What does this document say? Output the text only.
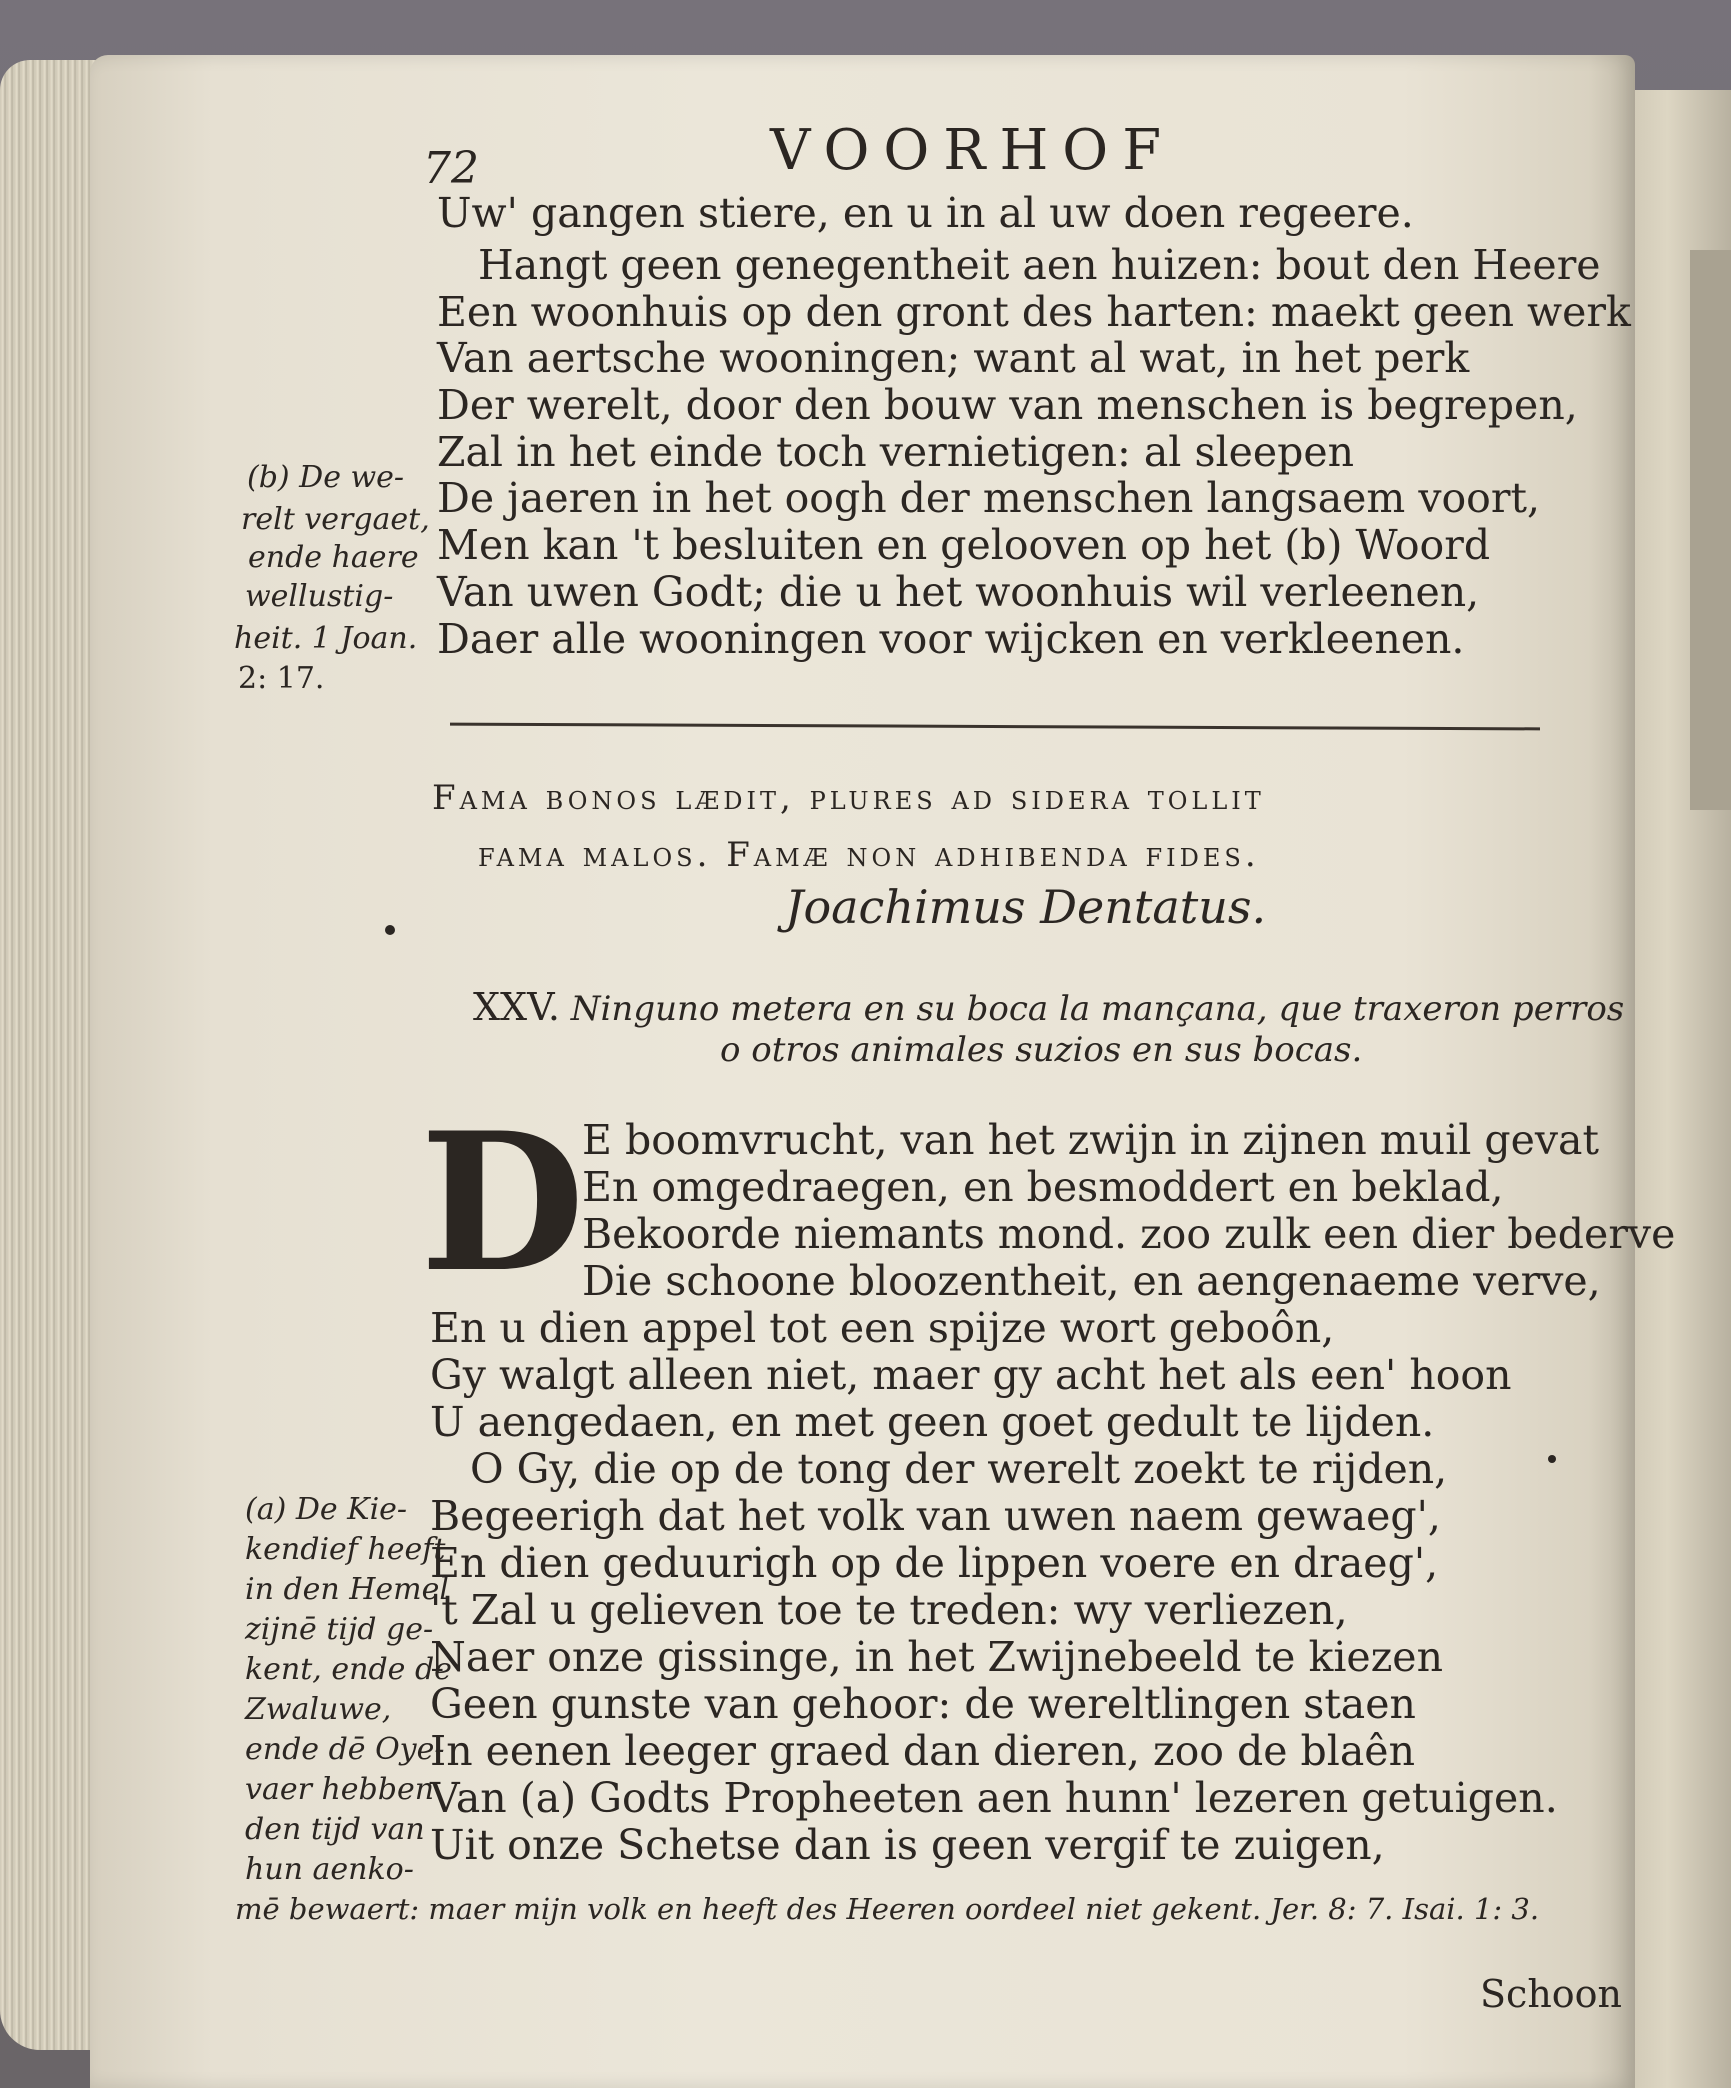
72	VOORHOF
Uw' gangen stiere, en u in al uw doen regeere.
Hangt geen genegentheit aen huizen: bout den Heere
Een woonhuis op den gront des harten: maekt geen werk
Van aertsche wooningen; want al wat, in het perk
Der werelt, door den bouw van menschen is begrepen,
Zal in het einde toch vernietigen: al sleepen
De jaeren in het oogh der menschen langsaem voort,
Men kan 't besluiten en gelooven op het (b) Woord
Van uwen Godt; die u het woonhuis wil verleenen,
Daer alle wooningen voor wijcken en verkleenen.
(b) De we-
relt vergaet,
ende haere
wellustig-
heit. 1 Joan.
2: 17.
Fama bonos lædit, plures ad sidera tollit
fama malos. Famæ non adhibenda fides.
Joachimus Dentatus.
XXV. Ninguno metera en su boca la mançana, que traxeron perros
o otros animales suzios en sus bocas.
D
E boomvrucht, van het zwijn in zijnen muil gevat
En omgedraegen, en besmoddert en beklad,
Bekoorde niemants mond. zoo zulk een dier bederve
Die schoone bloozentheit, en aengenaeme verve,
En u dien appel tot een spijze wort geboôn,
Gy walgt alleen niet, maer gy acht het als een' hoon
U aengedaen, en met geen goet gedult te lijden.
O Gy, die op de tong der werelt zoekt te rijden,
Begeerigh dat het volk van uwen naem gewaeg',
En dien geduurigh op de lippen voere en draeg',
't Zal u gelieven toe te treden: wy verliezen,
Naer onze gissinge, in het Zwijnebeeld te kiezen
Geen gunste van gehoor: de wereltlingen staen
In eenen leeger graed dan dieren, zoo de blaên
Van (a) Godts Propheeten aen hunn' lezeren getuigen.
Uit onze Schetse dan is geen vergif te zuigen,
(a) De Kie-
kendief heeft
in den Hemel
zijnē tijd ge-
kent, ende de
Zwaluwe,
ende dē Oye-
vaer hebben
den tijd van
hun aenko-
mē bewaert: maer mijn volk en heeft des Heeren oordeel niet gekent. Jer. 8: 7. Isai. 1: 3.
Schoon
